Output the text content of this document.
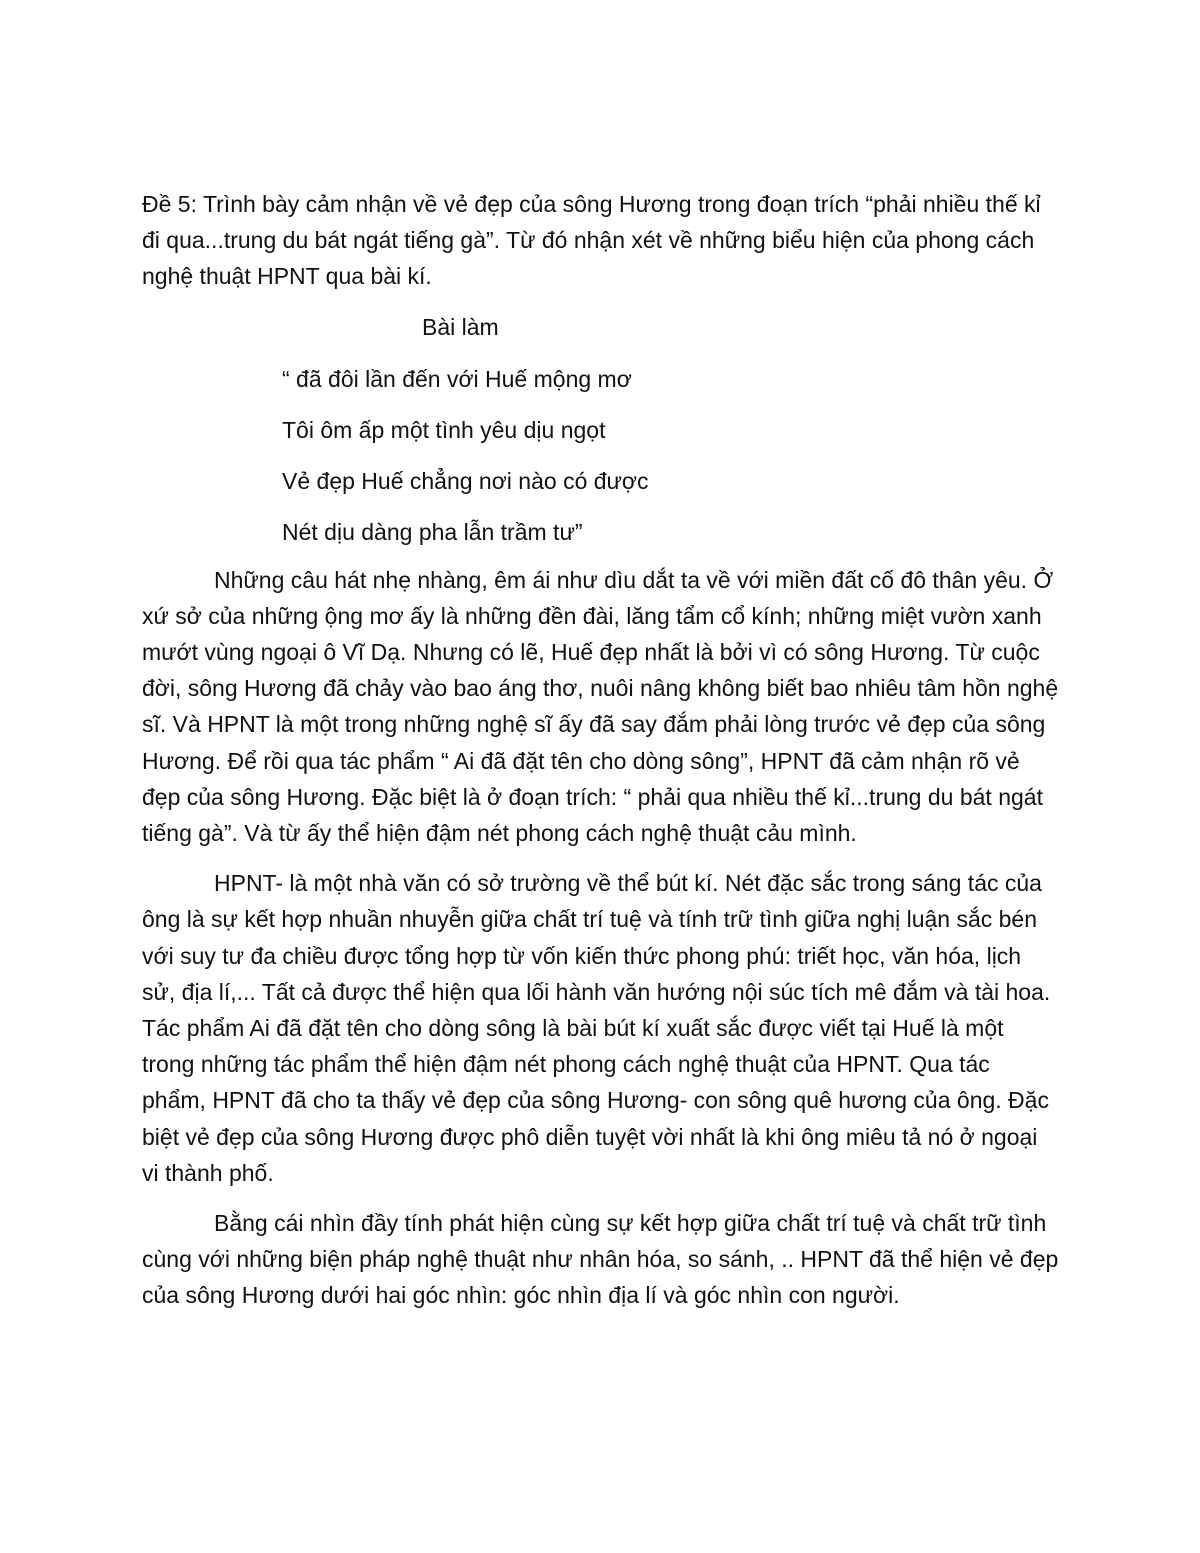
Đề 5: Trình bày cảm nhận về vẻ đẹp của sông Hương trong đoạn trích “phải nhiều thế kỉ đi qua...trung du bát ngát tiếng gà”. Từ đó nhận xét về những biểu hiện của phong cách nghệ thuật HPNT qua bài kí.

Bài làm

“ đã đôi lần đến với Huế mộng mơ

Tôi ôm ấp một tình yêu dịu ngọt

Vẻ đẹp Huế chẳng nơi nào có được

Nét dịu dàng pha lẫn trầm tư”

Những câu hát nhẹ nhàng, êm ái như dìu dắt ta về với miền đất cố đô thân yêu. Ở xứ sở của những ộng mơ ấy là những đền đài, lăng tẩm cổ kính; những miệt vườn xanh mướt vùng ngoại ô Vĩ Dạ. Nhưng có lẽ, Huế đẹp nhất là bởi vì có sông Hương. Từ cuộc đời, sông Hương đã chảy vào bao áng thơ, nuôi nâng không biết bao nhiêu tâm hồn nghệ sĩ. Và HPNT là một trong những nghệ sĩ ấy đã say đắm phải lòng trước vẻ đẹp của sông Hương. Để rồi qua tác phẩm “ Ai đã đặt tên cho dòng sông”, HPNT đã cảm nhận rõ vẻ đẹp của sông Hương. Đặc biệt là ở đoạn trích: “ phải qua nhiều thế kỉ...trung du bát ngát tiếng gà”. Và từ ấy thể hiện đậm nét phong cách nghệ thuật cảu mình.

HPNT- là một nhà văn có sở trường về thể bút kí. Nét đặc sắc trong sáng tác của ông là sự kết hợp nhuần nhuyễn giữa chất trí tuệ và tính trữ tình giữa nghị luận sắc bén với suy tư đa chiều được tổng hợp từ vốn kiến thức phong phú: triết học, văn hóa, lịch sử, địa lí,... Tất cả được thể hiện qua lối hành văn hướng nội súc tích mê đắm và tài hoa. Tác phẩm Ai đã đặt tên cho dòng sông là bài bút kí xuất sắc được viết tại Huế là một trong những tác phẩm thể hiện đậm nét phong cách nghệ thuật của HPNT. Qua tác phẩm, HPNT đã cho ta thấy vẻ đẹp của sông Hương- con sông quê hương của ông. Đặc biệt vẻ đẹp của sông Hương được phô diễn tuyệt vời nhất là khi ông miêu tả nó ở ngoại vi thành phố.

Bằng cái nhìn đầy tính phát hiện cùng sự kết hợp giữa chất trí tuệ và chất trữ tình cùng với những biện pháp nghệ thuật như nhân hóa, so sánh, .. HPNT đã thể hiện vẻ đẹp của sông Hương dưới hai góc nhìn: góc nhìn địa lí và góc nhìn con người.
